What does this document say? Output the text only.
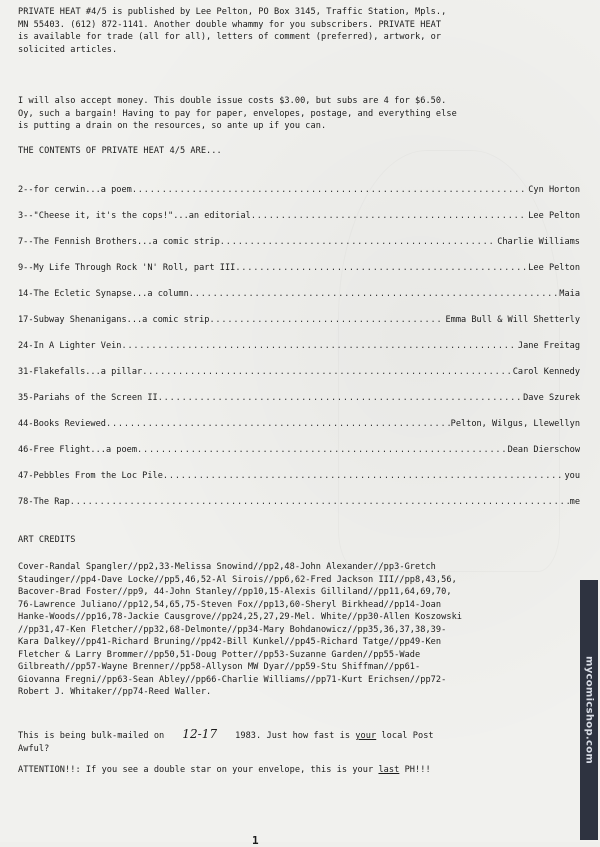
PRIVATE HEAT #4/5 is published by Lee Pelton, PO Box 3145, Traffic Station, Mpls.,

MN 55403. (612) 872-1141. Another double whammy for you subscribers. PRIVATE HEAT

is available for trade (all for all), letters of comment (preferred), artwork, or

solicited articles.

I will also accept money. This double issue costs $3.00, but subs are 4 for $6.50.

Oy, such a bargain! Having to pay for paper, envelopes, postage, and everything else

is putting a drain on the resources, so ante up if you can.

THE CONTENTS OF PRIVATE HEAT 4/5 ARE...
2--for cerwin...a poem .....	Cyn Horton
3--"Cheese it, it's the cops!"...an editorial .....	Lee Pelton
7--The Fennish Brothers...a comic strip .....	Charlie Williams
9--My Life Through Rock 'N' Roll, part III .....	Lee Pelton
14-The Ecletic Synapse...a column .....	Maia
17-Subway Shenanigans...a comic strip .....	Emma Bull & Will Shetterly
24-In A Lighter Vein .....	Jane Freitag
31-Flakefalls...a pillar .....	Carol Kennedy
35-Pariahs of the Screen II .....	Dave Szurek
44-Books Reviewed .....	Pelton, Wilgus, Llewellyn
46-Free Flight...a poem .....	Dean Dierschow
47-Pebbles From the Loc Pile .....	you
78-The Rap .....	me
ART CREDITS

Cover-Randal Spangler//pp2,33-Melissa Snowind//pp2,48-John Alexander//pp3-Gretch

Staudinger//pp4-Dave Locke//pp5,46,52-Al Sirois//pp6,62-Fred Jackson III//pp8,43,56,

Bacover-Brad Foster//pp9, 44-John Stanley//pp10,15-Alexis Gilliland//pp11,64,69,70,

76-Lawrence Juliano//pp12,54,65,75-Steven Fox//pp13,60-Sheryl Birkhead//pp14-Joan

Hanke-Woods//pp16,78-Jackie Causgrove//pp24,25,27,29-Mel. White//pp30-Allen Koszowski

//pp31,47-Ken Fletcher//pp32,68-Delmonte//pp34-Mary Bohdanowicz//pp35,36,37,38,39-

Kara Dalkey//pp41-Richard Bruning//pp42-Bill Kunkel//pp45-Richard Tatge//pp49-Ken

Fletcher & Larry Brommer//pp50,51-Doug Potter//pp53-Suzanne Garden//pp55-Wade

Gilbreath//pp57-Wayne Brenner//pp58-Allyson MW Dyar//pp59-Stu Shiffman//pp61-

Giovanna Fregni//pp63-Sean Abley//pp66-Charlie Williams//pp71-Kurt Erichsen//pp72-

Robert J. Whitaker//pp74-Reed Waller.

This is being bulk-mailed on 12-17 1983. Just how fast is your local Post

Awful?

ATTENTION!!: If you see a double star on your envelope, this is your last PH!!!
1
mycomicshop.com
